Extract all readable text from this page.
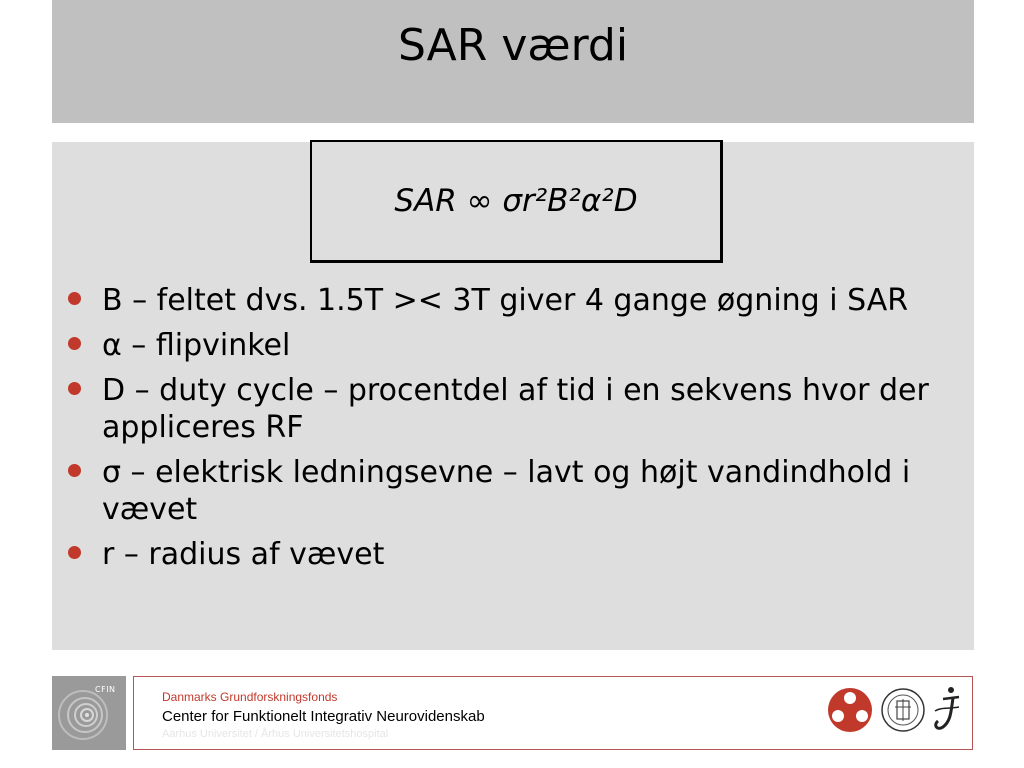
SAR værdi
SAR ∞ σr²B²α²D
B – feltet dvs. 1.5T >< 3T giver 4 gange øgning i SAR
α – flipvinkel
D – duty cycle – procentdel af tid i en sekvens hvor der appliceres RF
σ – elektrisk ledningsevne – lavt og højt vandindhold i vævet
r – radius af vævet
CFIN
Danmarks Grundforskningsfonds
Center for Funktionelt Integrativ Neurovidenskab
Aarhus Universitet / Århus Universitetshospital
